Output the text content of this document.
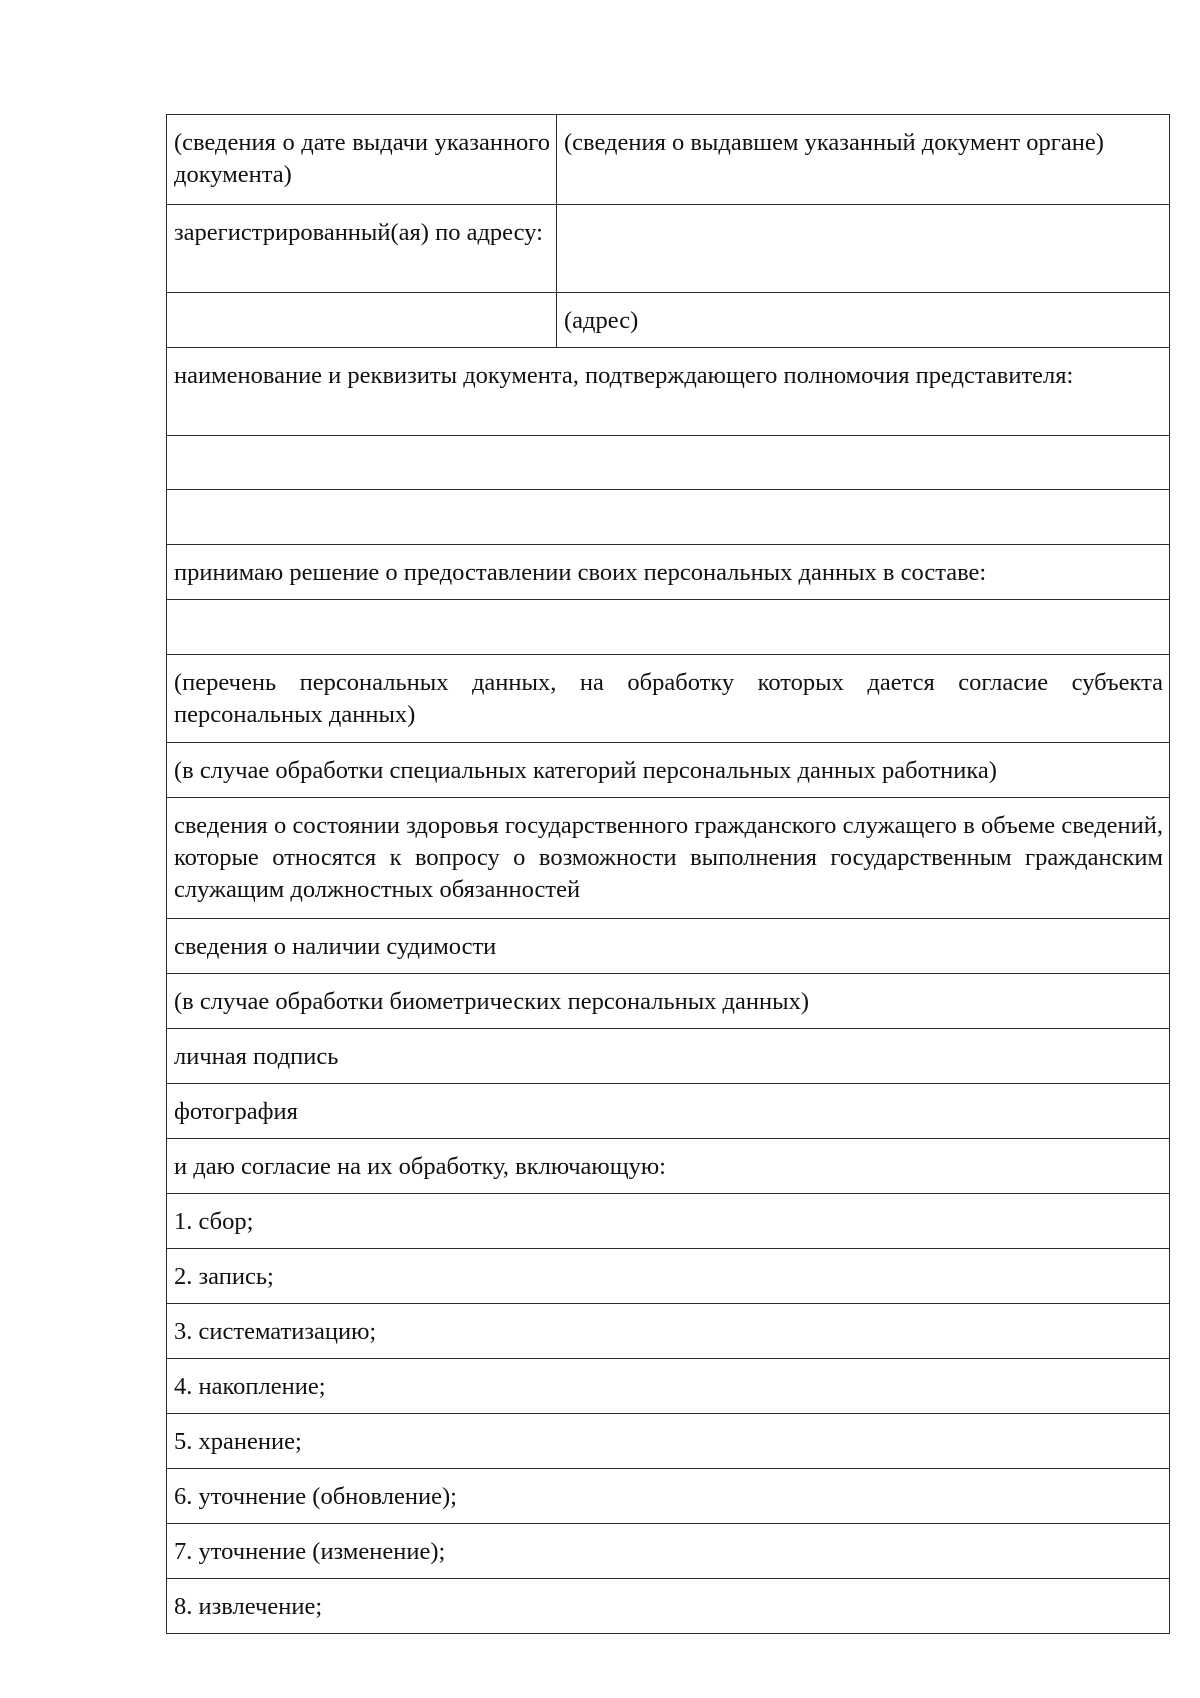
(сведения о дате выдачи указанного документа)	(сведения о выдавшем указанный документ органе)
зарегистрированный(ая) по адресу:	
	(адрес)
наименование и реквизиты документа, подтверждающего полномочия представителя:	

принимаю решение о предоставлении своих персональных данных в составе:	

(перечень персональных данных, на обработку которых дается согласие субъекта персональных данных)	
(в случае обработки специальных категорий персональных данных работника)	
сведения о состоянии здоровья государственного гражданского служащего в объеме сведений, которые относятся к вопросу о возможности выполнения государственным гражданским служащим должностных обязанностей	
сведения о наличии судимости	
(в случае обработки биометрических персональных данных)	
личная подпись	
фотография	
и даю согласие на их обработку, включающую:	
1. сбор;	
2. запись;	
3. систематизацию;	
4. накопление;	
5. хранение;	
6. уточнение (обновление);	
7. уточнение (изменение);	
8. извлечение;	
